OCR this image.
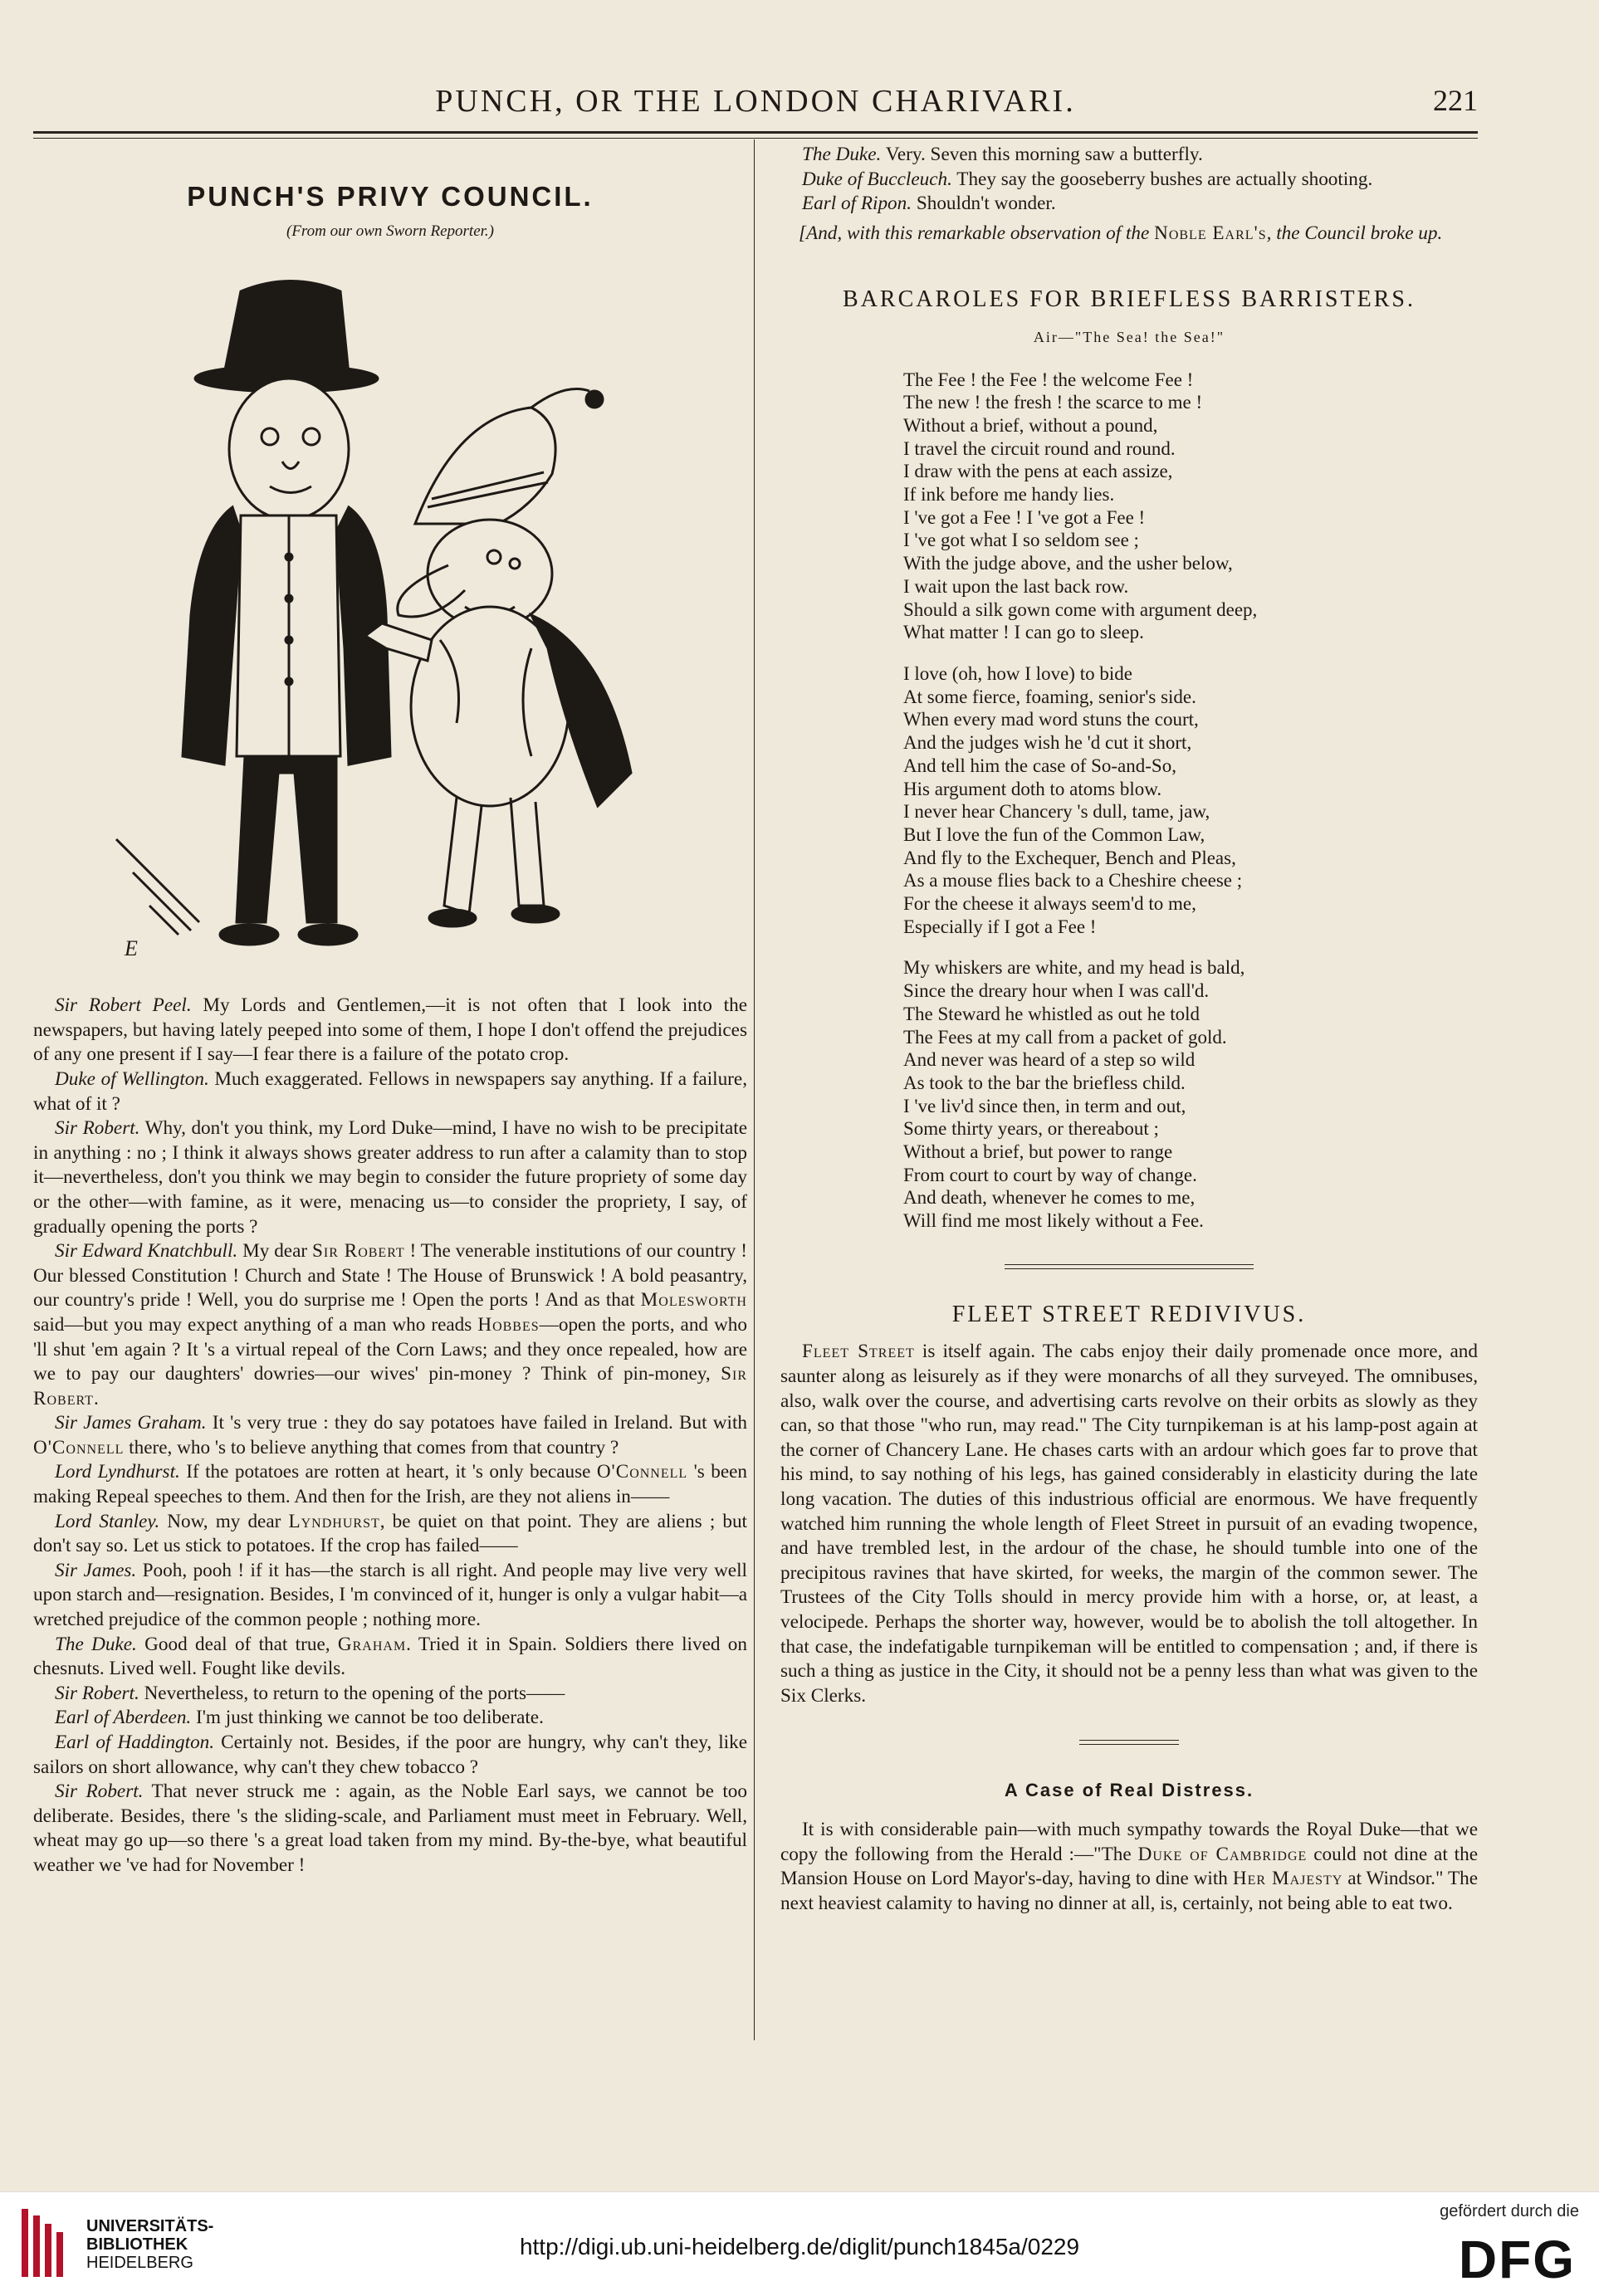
PUNCH, OR THE LONDON CHARIVARI.	221
PUNCH'S PRIVY COUNCIL.
(From our own Sworn Reporter.)
E

Sir Robert Peel. My Lords and Gentlemen,—it is not often that I look into the newspapers, but having lately peeped into some of them, I hope I don't offend the prejudices of any one present if I say—I fear there is a failure of the potato crop.

Duke of Wellington. Much exaggerated. Fellows in newspapers say anything. If a failure, what of it ?

Sir Robert. Why, don't you think, my Lord Duke—mind, I have no wish to be precipitate in anything : no ; I think it always shows greater address to run after a calamity than to stop it—nevertheless, don't you think we may begin to consider the future propriety of some day or the other—with famine, as it were, menacing us—to consider the propriety, I say, of gradually opening the ports ?

Sir Edward Knatchbull. My dear Sir Robert ! The venerable institutions of our country ! Our blessed Constitution ! Church and State ! The House of Brunswick ! A bold peasantry, our country's pride ! Well, you do surprise me ! Open the ports ! And as that Molesworth said—but you may expect anything of a man who reads Hobbes—open the ports, and who 'll shut 'em again ? It 's a virtual repeal of the Corn Laws; and they once repealed, how are we to pay our daughters' dowries—our wives' pin-money ? Think of pin-money, Sir Robert.

Sir James Graham. It 's very true : they do say potatoes have failed in Ireland. But with O'Connell there, who 's to believe anything that comes from that country ?

Lord Lyndhurst. If the potatoes are rotten at heart, it 's only because O'Connell 's been making Repeal speeches to them. And then for the Irish, are they not aliens in——

Lord Stanley. Now, my dear Lyndhurst, be quiet on that point. They are aliens ; but don't say so. Let us stick to potatoes. If the crop has failed——

Sir James. Pooh, pooh ! if it has—the starch is all right. And people may live very well upon starch and—resignation. Besides, I 'm convinced of it, hunger is only a vulgar habit—a wretched prejudice of the common people ; nothing more.

The Duke. Good deal of that true, Graham. Tried it in Spain. Soldiers there lived on chesnuts. Lived well. Fought like devils.

Sir Robert. Nevertheless, to return to the opening of the ports——

Earl of Aberdeen. I'm just thinking we cannot be too deliberate.

Earl of Haddington. Certainly not. Besides, if the poor are hungry, why can't they, like sailors on short allowance, why can't they chew tobacco ?

Sir Robert. That never struck me : again, as the Noble Earl says, we cannot be too deliberate. Besides, there 's the sliding-scale, and Parliament must meet in February. Well, wheat may go up—so there 's a great load taken from my mind. By-the-bye, what beautiful weather we 've had for November !

The Duke. Very. Seven this morning saw a butterfly.

Duke of Buccleuch. They say the gooseberry bushes are actually shooting.

Earl of Ripon. Shouldn't wonder.

[And, with this remarkable observation of the Noble Earl's, the Council broke up.
BARCAROLES FOR BRIEFLESS BARRISTERS.
Air—"The Sea! the Sea!"
The Fee ! the Fee ! the welcome Fee !
The new ! the fresh ! the scarce to me !
Without a brief, without a pound,
I travel the circuit round and round.
I draw with the pens at each assize,
If ink before me handy lies.
I 've got a Fee ! I 've got a Fee !
I 've got what I so seldom see ;
With the judge above, and the usher below,
I wait upon the last back row.
Should a silk gown come with argument deep,
What matter ! I can go to sleep.
I love (oh, how I love) to bide
At some fierce, foaming, senior's side.
When every mad word stuns the court,
And the judges wish he 'd cut it short,
And tell him the case of So-and-So,
His argument doth to atoms blow.
I never hear Chancery 's dull, tame, jaw,
But I love the fun of the Common Law,
And fly to the Exchequer, Bench and Pleas,
As a mouse flies back to a Cheshire cheese ;
For the cheese it always seem'd to me,
Especially if I got a Fee !
My whiskers are white, and my head is bald,
Since the dreary hour when I was call'd.
The Steward he whistled as out he told
The Fees at my call from a packet of gold.
And never was heard of a step so wild
As took to the bar the briefless child.
I 've liv'd since then, in term and out,
Some thirty years, or thereabout ;
Without a brief, but power to range
From court to court by way of change.
And death, whenever he comes to me,
Will find me most likely without a Fee.
FLEET STREET REDIVIVUS.

Fleet Street is itself again. The cabs enjoy their daily promenade once more, and saunter along as leisurely as if they were monarchs of all they surveyed. The omnibuses, also, walk over the course, and advertising carts revolve on their orbits as slowly as they can, so that those "who run, may read." The City turnpikeman is at his lamp-post again at the corner of Chancery Lane. He chases carts with an ardour which goes far to prove that his mind, to say nothing of his legs, has gained considerably in elasticity during the late long vacation. The duties of this industrious official are enormous. We have frequently watched him running the whole length of Fleet Street in pursuit of an evading twopence, and have trembled lest, in the ardour of the chase, he should tumble into one of the precipitous ravines that have skirted, for weeks, the margin of the common sewer. The Trustees of the City Tolls should in mercy provide him with a horse, or, at least, a velocipede. Perhaps the shorter way, however, would be to abolish the toll altogether. In that case, the indefatigable turnpikeman will be entitled to compensation ; and, if there is such a thing as justice in the City, it should not be a penny less than what was given to the Six Clerks.

A Case of Real Distress.

It is with considerable pain—with much sympathy towards the Royal Duke—that we copy the following from the Herald :—"The Duke of Cambridge could not dine at the Mansion House on Lord Mayor's-day, having to dine with Her Majesty at Windsor." The next heaviest calamity to having no dinner at all, is, certainly, not being able to eat two.

UNIVERSITÄTS-
BIBLIOTHEK
HEIDELBERG
http://digi.ub.uni-heidelberg.de/diglit/punch1845a/0229
gefördert durch die
DFG
